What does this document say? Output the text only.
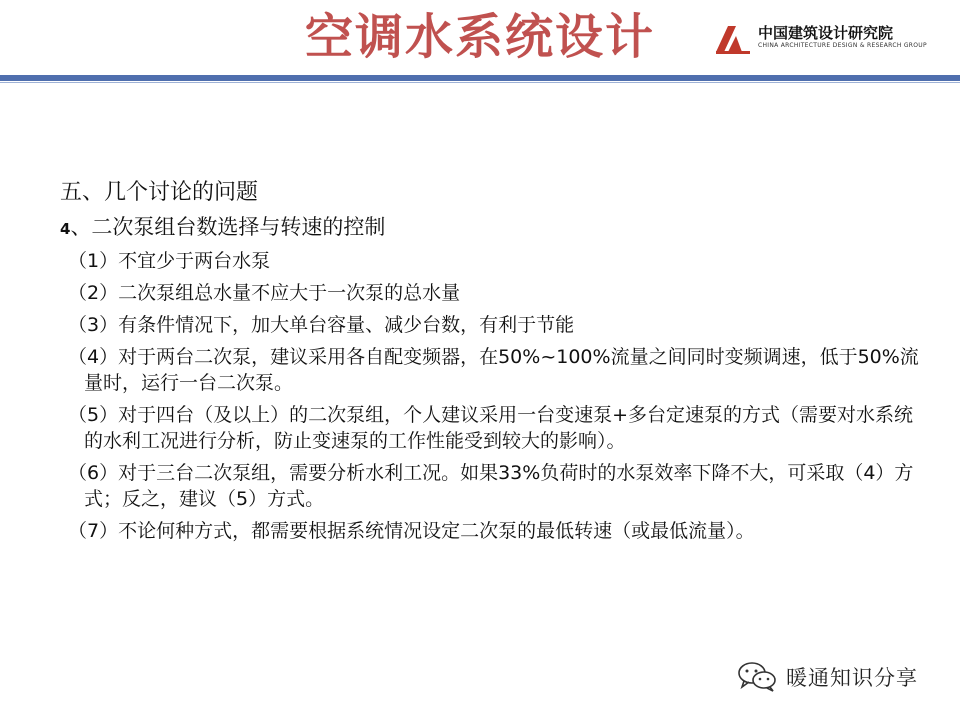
空调水系统设计	中国建筑设计研究院
CHINA ARCHITECTURE DESIGN & RESEARCH GROUP
五、几个讨论的问题
4、二次泵组台数选择与转速的控制
（1）不宜少于两台水泵
（2）二次泵组总水量不应大于一次泵的总水量
（3）有条件情况下，加大单台容量、减少台数，有利于节能
（4）对于两台二次泵，建议采用各自配变频器，在50%~100%流量之间同时变频调速，低于50%流量时，运行一台二次泵。
（5）对于四台（及以上）的二次泵组，个人建议采用一台变速泵+多台定速泵的方式（需要对水系统的水利工况进行分析，防止变速泵的工作性能受到较大的影响）。
（6）对于三台二次泵组，需要分析水利工况。如果33%负荷时的水泵效率下降不大，可采取（4）方式；反之，建议（5）方式。
（7）不论何种方式，都需要根据系统情况设定二次泵的最低转速（或最低流量）。
暖通知识分享
